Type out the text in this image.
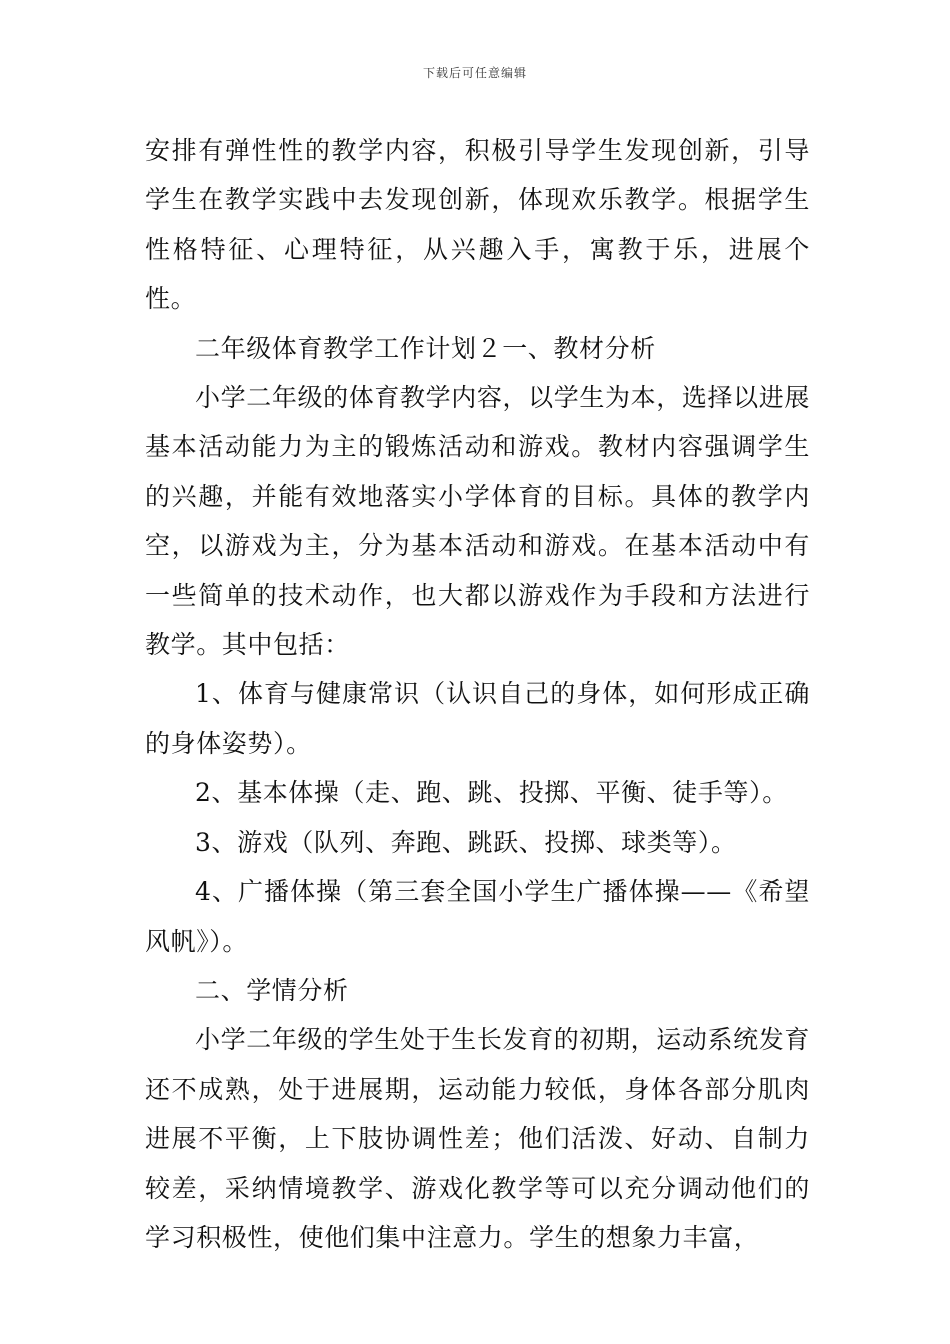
下载后可任意编辑

安排有弹性性的教学内容，积极引导学生发现创新，引导学生在教学实践中去发现创新，体现欢乐教学。根据学生性格特征、心理特征，从兴趣入手，寓教于乐，进展个性。

二年级体育教学工作计划２一、教材分析

小学二年级的体育教学内容，以学生为本，选择以进展基本活动能力为主的锻炼活动和游戏。教材内容强调学生的兴趣，并能有效地落实小学体育的目标。具体的教学内空，以游戏为主，分为基本活动和游戏。在基本活动中有一些简单的技术动作，也大都以游戏作为手段和方法进行教学。其中包括：

1、体育与健康常识（认识自己的身体，如何形成正确的身体姿势）。

2、基本体操（走、跑、跳、投掷、平衡、徒手等）。

3、游戏（队列、奔跑、跳跃、投掷、球类等）。

4、广播体操（第三套全国小学生广播体操——《希望风帆》）。

二、学情分析

小学二年级的学生处于生长发育的初期，运动系统发育还不成熟，处于进展期，运动能力较低，身体各部分肌肉进展不平衡，上下肢协调性差；他们活泼、好动、自制力较差，采纳情境教学、游戏化教学等可以充分调动他们的学习积极性，使他们集中注意力。学生的想象力丰富，
